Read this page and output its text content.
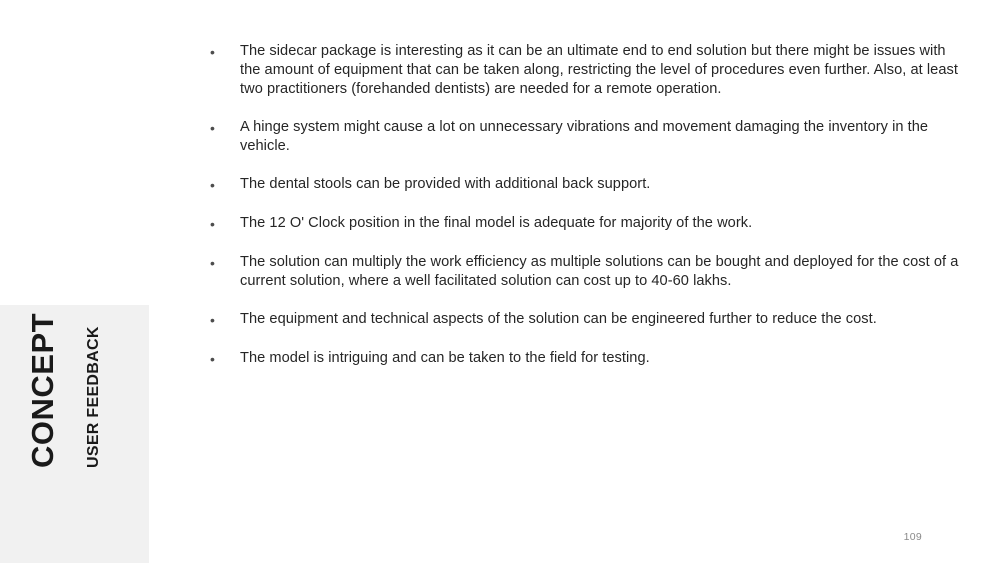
CONCEPT USER FEEDBACK
•	The sidecar package is interesting as it can be an ultimate end to end solution but there might be issues with the amount of equipment that can be taken along, restricting the level of procedures even further. Also, at least two practitioners (forehanded dentists) are needed for a remote operation.
•	A hinge system might cause a lot on unnecessary vibrations and movement damaging the inventory in the vehicle.
•	The dental stools can be provided with additional back support.
•	The 12 O' Clock position in the final model is adequate for majority of the work.
•	The solution can multiply the work efficiency as multiple solutions can be bought and deployed for the cost of a current solution, where a well facilitated solution can cost up to 40-60 lakhs.
•	The equipment and technical aspects of the solution can be engineered further to reduce the cost.
•	The model is intriguing and can be taken to the field for testing.
109
